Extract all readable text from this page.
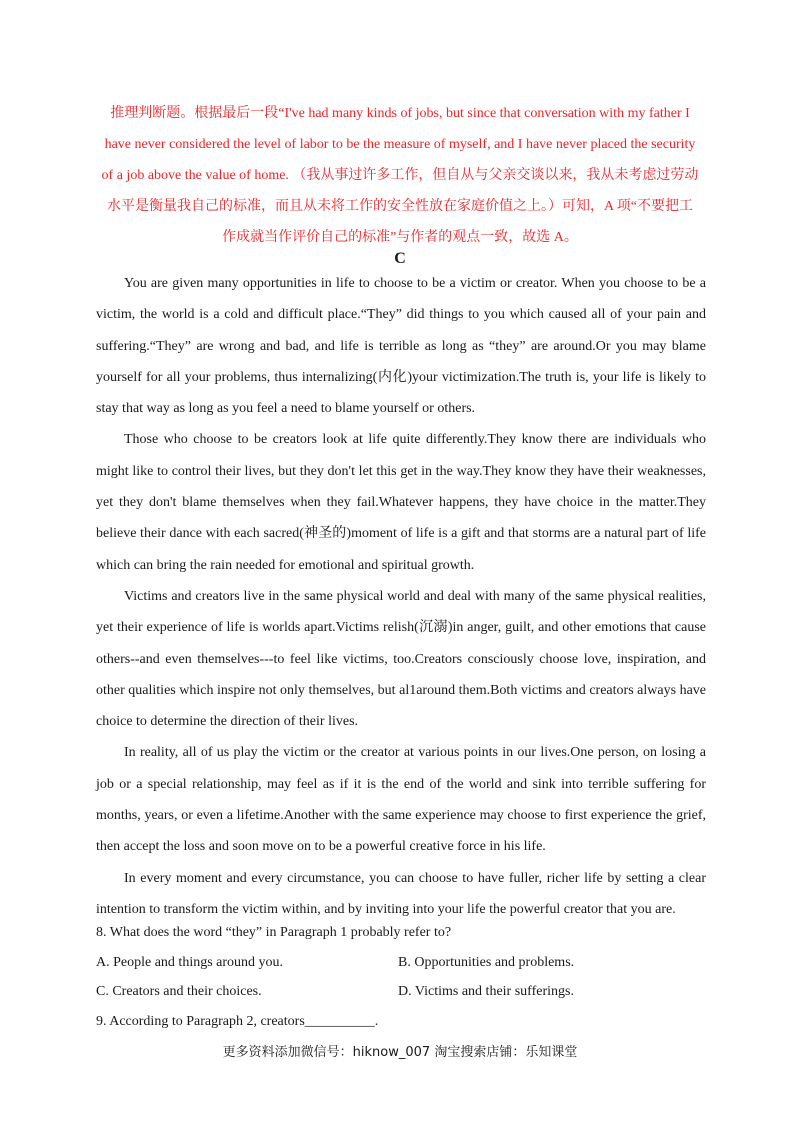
推理判断题。根据最后一段“I've had many kinds of jobs, but since that conversation with my father I

have never considered the level of labor to be the measure of myself, and I have never placed the security

of a job above the value of home. （我从事过许多工作，但自从与父亲交谈以来，我从未考虑过劳动

水平是衡量我自己的标准，而且从未将工作的安全性放在家庭价值之上。）可知，A 项“不要把工

作成就当作评价自己的标准”与作者的观点一致，故选 A。

C

You are given many opportunities in life to choose to be a victim or creator. When you choose to be a victim, the world is a cold and difficult place.“They” did things to you which caused all of your pain and suffering.“They” are wrong and bad, and life is terrible as long as “they” are around.Or you may blame yourself for all your problems, thus internalizing(内化)your victimization.The truth is, your life is likely to stay that way as long as you feel a need to blame yourself or others.

Those who choose to be creators look at life quite differently.They know there are individuals who might like to control their lives, but they don't let this get in the way.They know they have their weaknesses, yet they don't blame themselves when they fail.Whatever happens, they have choice in the matter.They believe their dance with each sacred(神圣的)moment of life is a gift and that storms are a natural part of life which can bring the rain needed for emotional and spiritual growth.

Victims and creators live in the same physical world and deal with many of the same physical realities, yet their experience of life is worlds apart.Victims relish(沉溺)in anger, guilt, and other emotions that cause others--and even themselves---to feel like victims, too.Creators consciously choose love, inspiration, and other qualities which inspire not only themselves, but al1around them.Both victims and creators always have choice to determine the direction of their lives.

In reality, all of us play the victim or the creator at various points in our lives.One person, on losing a job or a special relationship, may feel as if it is the end of the world and sink into terrible suffering for months, years, or even a lifetime.Another with the same experience may choose to first experience the grief, then accept the loss and soon move on to be a powerful creative force in his life.

In every moment and every circumstance, you can choose to have fuller, richer life by setting a clear intention to transform the victim within, and by inviting into your life the powerful creator that you are.

8. What does the word “they” in Paragraph 1 probably refer to?

A. People and things around you.	B. Opportunities and problems.
C. Creators and their choices.	D. Victims and their sufferings.

9. According to Paragraph 2, creators__________.

更多资料添加微信号：hiknow_007 淘宝搜索店铺：乐知课堂
